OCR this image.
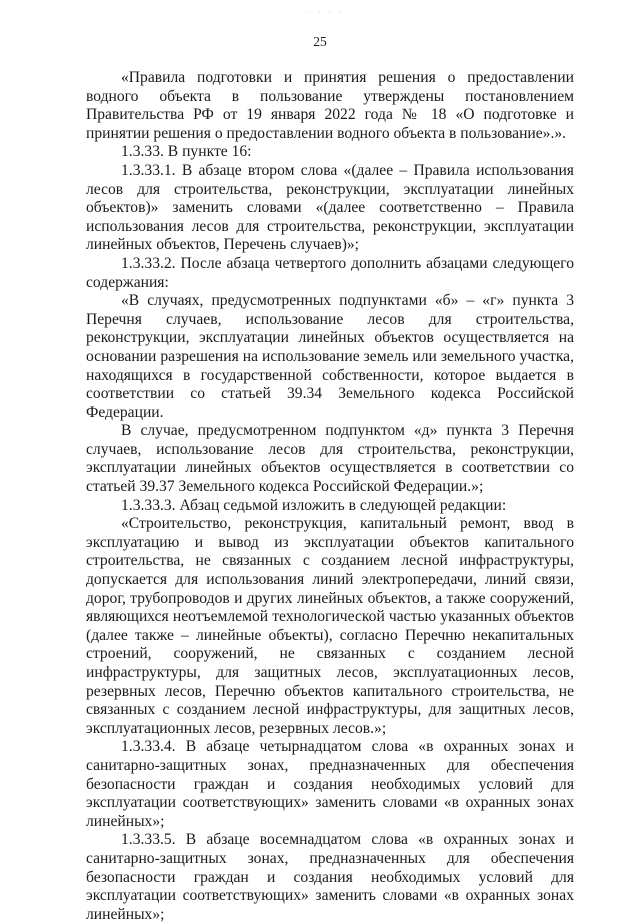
· · · ·
25

«Правила подготовки и принятия решения о предоставлении водного объекта в пользование утверждены постановлением Правительства РФ от 19 января 2022 года № 18 «О подготовке и принятии решения о предоставлении водного объекта в пользование».».

1.3.33. В пункте 16:

1.3.33.1. В абзаце втором слова «(далее – Правила использования лесов для строительства, реконструкции, эксплуатации линейных объектов)» заменить словами «(далее соответственно – Правила использования лесов для строительства, реконструкции, эксплуатации линейных объектов, Перечень случаев)»;

1.3.33.2. После абзаца четвертого дополнить абзацами следующего содержания:

«В случаях, предусмотренных подпунктами «б» – «г» пункта 3 Перечня случаев, использование лесов для строительства, реконструкции, эксплуатации линейных объектов осуществляется на основании разрешения на использование земель или земельного участка, находящихся в государственной собственности, которое выдается в соответствии со статьей 39.34 Земельного кодекса Российской Федерации.

В случае, предусмотренном подпунктом «д» пункта 3 Перечня случаев, использование лесов для строительства, реконструкции, эксплуатации линейных объектов осуществляется в соответствии со статьей 39.37 Земельного кодекса Российской Федерации.»;

1.3.33.3. Абзац седьмой изложить в следующей редакции:

«Строительство, реконструкция, капитальный ремонт, ввод в эксплуатацию и вывод из эксплуатации объектов капитального строительства, не связанных с созданием лесной инфраструктуры, допускается для использования линий электропередачи, линий связи, дорог, трубопроводов и других линейных объектов, а также сооружений, являющихся неотъемлемой технологической частью указанных объектов (далее также – линейные объекты), согласно Перечню некапитальных строений, сооружений, не связанных с созданием лесной инфраструктуры, для защитных лесов, эксплуатационных лесов, резервных лесов, Перечню объектов капитального строительства, не связанных с созданием лесной инфраструктуры, для защитных лесов, эксплуатационных лесов, резервных лесов.»;

1.3.33.4. В абзаце четырнадцатом слова «в охранных зонах и санитарно-защитных зонах, предназначенных для обеспечения безопасности граждан и создания необходимых условий для эксплуатации соответствующих» заменить словами «в охранных зонах линейных»;

1.3.33.5. В абзаце восемнадцатом слова «в охранных зонах и санитарно-защитных зонах, предназначенных для обеспечения безопасности граждан и создания необходимых условий для эксплуатации соответствующих» заменить словами «в охранных зонах линейных»;
